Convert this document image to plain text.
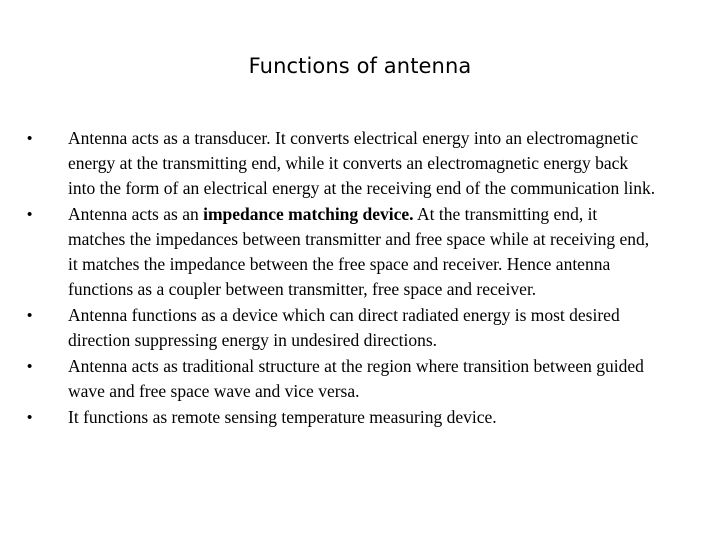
Functions of antenna
• Antenna acts as a transducer. It converts electrical energy into an electromagnetic energy at the transmitting end, while it converts an electromagnetic energy back into the form of an electrical energy at the receiving end of the communication link.
• Antenna acts as an impedance matching device. At the transmitting end, it matches the impedances between transmitter and free space while at receiving end, it matches the impedance between the free space and receiver. Hence antenna functions as a coupler between transmitter, free space and receiver.
• Antenna functions as a device which can direct radiated energy is most desired direction suppressing energy in undesired directions.
• Antenna acts as traditional structure at the region where transition between guided wave and free space wave and vice versa.
• It functions as remote sensing temperature measuring device.
